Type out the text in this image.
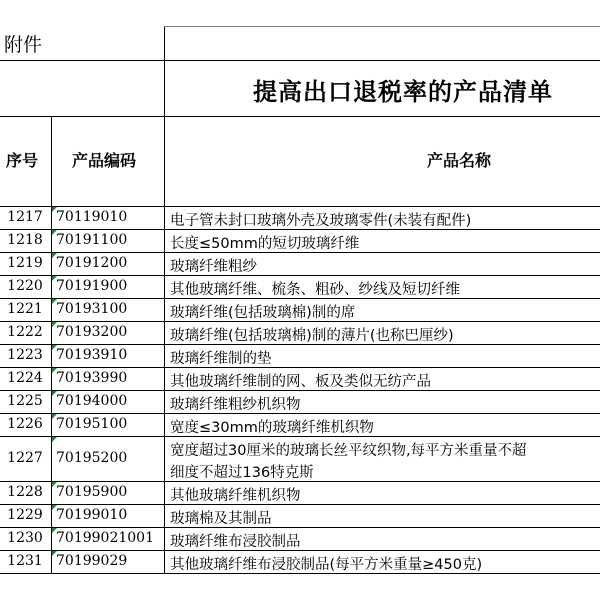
附件
提高出口退税率的产品清单
序号 产品编码	产品名称
1217 70119010	电子管未封口玻璃外壳及玻璃零件(未装有配件)
1218 70191100	长度≤50mm的短切玻璃纤维
1219 70191200	玻璃纤维粗纱
1220 70191900	其他玻璃纤维、梳条、粗砂、纱线及短切纤维
1221 70193100	玻璃纤维(包括玻璃棉)制的席
1222 70193200	玻璃纤维(包括玻璃棉)制的薄片(也称巴厘纱)
1223 70193910	玻璃纤维制的垫
1224 70193990	其他玻璃纤维制的网、板及类似无纺产品
1225 70194000	玻璃纤维粗纱机织物
1226 70195100	宽度≤30mm的玻璃纤维机织物
1227 70195200	宽度超过30厘米的玻璃长丝平纹织物,每平方米重量不超
细度不超过136特克斯
1228 70195900	其他玻璃纤维机织物
1229 70199010	玻璃棉及其制品
1230 70199021001	玻璃纤维布浸胶制品
1231 70199029	其他玻璃纤维布浸胶制品(每平方米重量≥450克)
